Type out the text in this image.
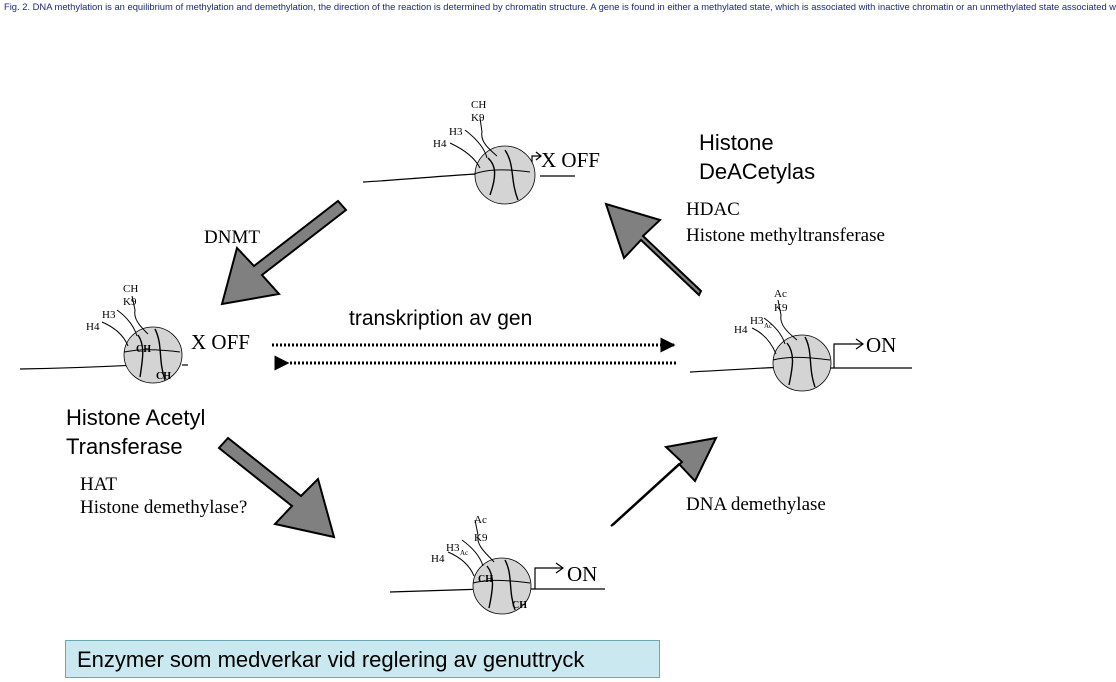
Fig. 2. DNA methylation is an equilibrium of methylation and demethylation, the direction of the reaction is determined by chromatin structure. A gene is found in either a methylated state, which is associated with inactive chromatin or an unmethylated state associated w
CH
K9
H3
H4
X OFF
CH
K9
H3
H4
CH
CH
X OFF
Ac
K9
H3 Ac
H4
ON
Ac
K9
H3 Ac
H4
CH
CH
ON
DNMT
Histone
DeACetylas
HDAC
Histone methyltransferase
transkription av gen
Histone Acetyl
Transferase
HAT
Histone demethylase?	DNA demethylase
Enzymer som medverkar vid reglering av genuttryck
